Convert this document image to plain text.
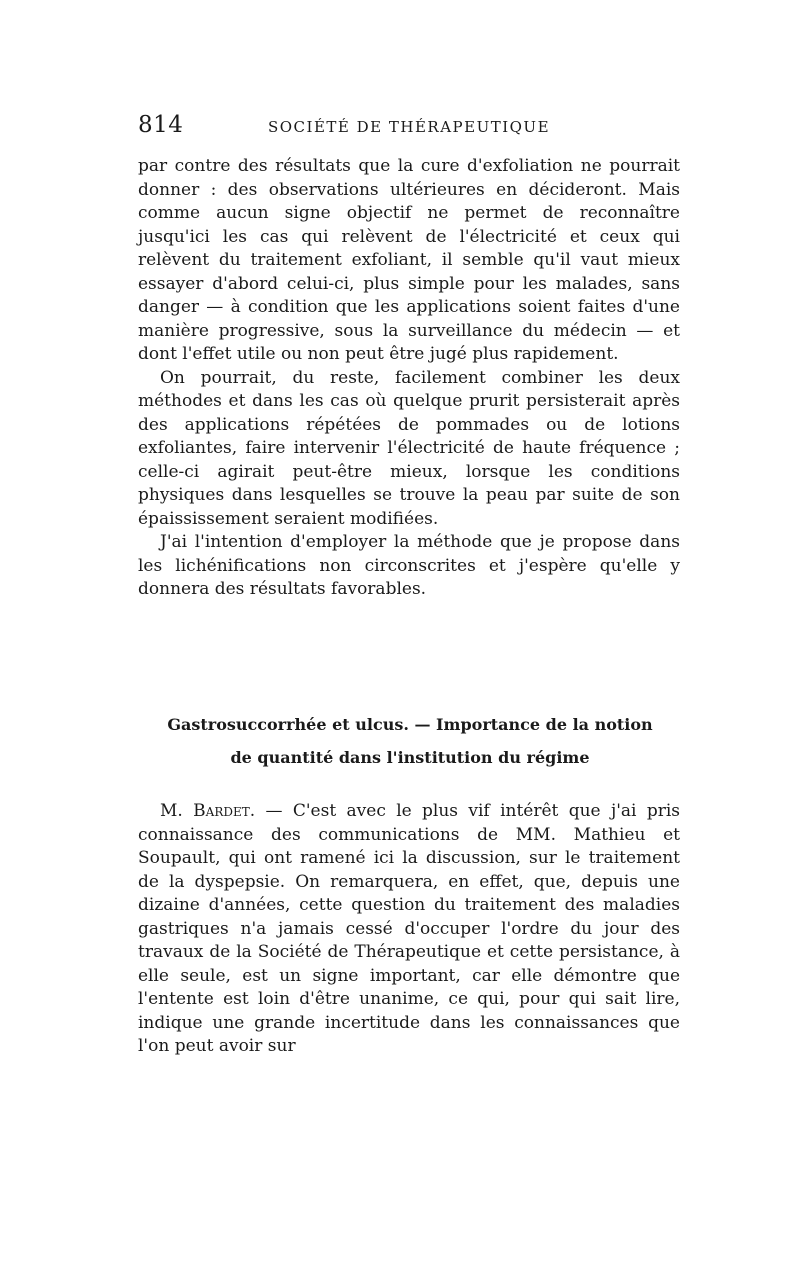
814	SOCIÉTÉ DE THÉRAPEUTIQUE

par contre des résultats que la cure d'exfoliation ne pourrait donner : des observations ultérieures en décideront. Mais comme aucun signe objectif ne permet de reconnaître jusqu'ici les cas qui relèvent de l'électricité et ceux qui relèvent du traitement exfoliant, il semble qu'il vaut mieux essayer d'abord celui-ci, plus simple pour les malades, sans danger — à condition que les applications soient faites d'une manière progressive, sous la surveillance du médecin — et dont l'effet utile ou non peut être jugé plus rapidement.

On pourrait, du reste, facilement combiner les deux méthodes et dans les cas où quelque prurit persisterait après des applications répétées de pommades ou de lotions exfoliantes, faire intervenir l'électricité de haute fréquence ; celle-ci agirait peut-être mieux, lorsque les conditions physiques dans lesquelles se trouve la peau par suite de son épaississement seraient modifiées.

J'ai l'intention d'employer la méthode que je propose dans les lichénifications non circonscrites et j'espère qu'elle y donnera des résultats favorables.

Gastrosuccorrhée et ulcus. — Importance de la notion
de quantité dans l'institution du régime

M. Bardet. — C'est avec le plus vif intérêt que j'ai pris connaissance des communications de MM. Mathieu et Soupault, qui ont ramené ici la discussion, sur le traitement de la dyspepsie. On remarquera, en effet, que, depuis une dizaine d'années, cette question du traitement des maladies gastriques n'a jamais cessé d'occuper l'ordre du jour des travaux de la Société de Thérapeutique et cette persistance, à elle seule, est un signe important, car elle démontre que l'entente est loin d'être unanime, ce qui, pour qui sait lire, indique une grande incertitude dans les connaissances que l'on peut avoir sur
